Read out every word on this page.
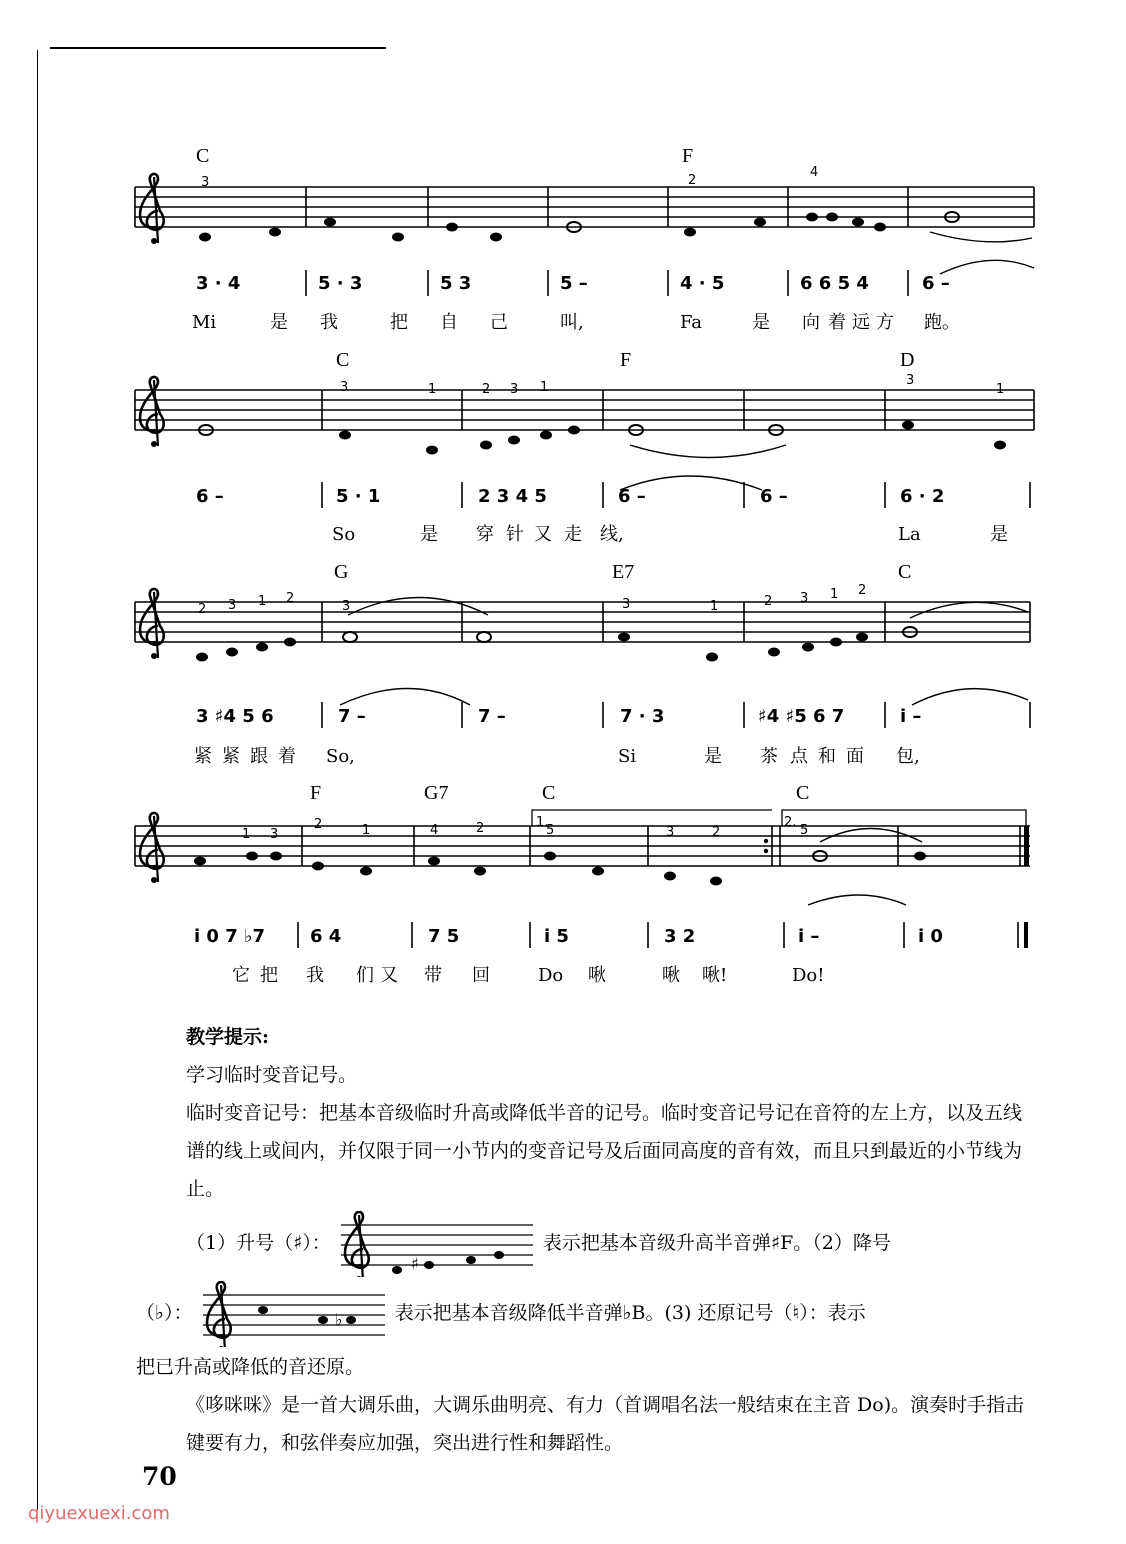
C	F
3	2
4
3 · 4	5 · 3	5 3	5 –	4 · 5	6 6 5 4	6 –
Mi	是 我	把 自 己	叫,	Fa	是 向 着 远 方 跑。
C	F	D
3	1	2 3 1	3
1
6 –	5 · 1	2 3 4 5	6 –	6 –	6 · 2
So	是 穿 针 又 走 线,	La	是
G	E7	C
2 3 1 2
3	3	1	2 3 1 2
3 ♯4 5 6	7 –	7 –	7 · 3	♯4 ♯5 6 7	i –
紧 紧 跟 着 So,	Si	是 茶 点 和 面 包,
F	G7	C	C
1.	2.
1 3
2	1	4	2	5	3	2	5
i 0 7 ♭7 6 4	7 5	i 5	3 2	i –	i 0
它 把 我 们 又 带 回	Do 啾	啾 啾!	Do!

教学提示:

学习临时变音记号。

临时变音记号：把基本音级临时升高或降低半音的记号。临时变音记号记在音符的左上方，以及五线谱的线上或间内，并仅限于同一小节内的变音记号及后面同高度的音有效，而且只到最近的小节线为止。

（1）升号（♯）：
♯
表示把基本音级升高半音弹♯F。（2）降号

（♭）：	♭	表示把基本音级降低半音弹♭B。(3) 还原记号（♮）：表示

把已升高或降低的音还原。

《哆咪咪》是一首大调乐曲，大调乐曲明亮、有力（首调唱名法一般结束在主音 Do)。演奏时手指击键要有力，和弦伴奏应加强，突出进行性和舞蹈性。

70
qiyuexuexi.com
